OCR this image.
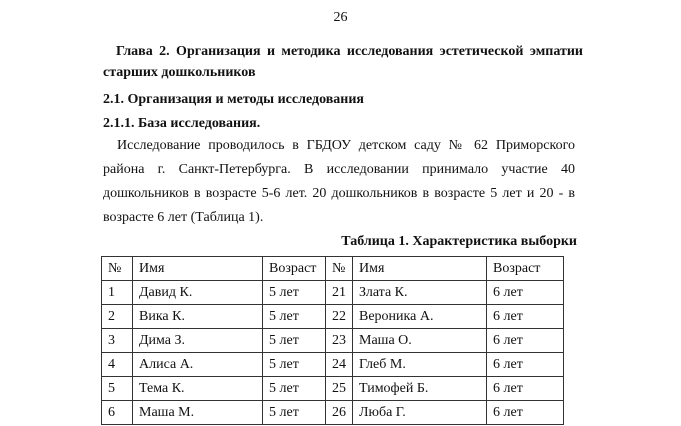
26
Глава 2. Организация и методика исследования эстетической эмпатии
старших дошкольников
2.1. Организация и методы исследования
2.1.1. База исследования.
Исследование проводилось в ГБДОУ детском саду № 62 Приморского
района г. Санкт-Петербурга. В исследовании принимало участие 40
дошкольников в возрасте 5-6 лет. 20 дошкольников в возрасте 5 лет и 20 - в
возрасте 6 лет (Таблица 1).
Таблица 1. Характеристика выборки
№	Имя	Возраст	№	Имя	Возраст
1	Давид К.	5 лет	21	Злата К.	6 лет
2	Вика К.	5 лет	22	Вероника А.	6 лет
3	Дима З.	5 лет	23	Маша О.	6 лет
4	Алиса А.	5 лет	24	Глеб М.	6 лет
5	Тема К.	5 лет	25	Тимофей Б.	6 лет
6	Маша М.	5 лет	26	Люба Г.	6 лет
